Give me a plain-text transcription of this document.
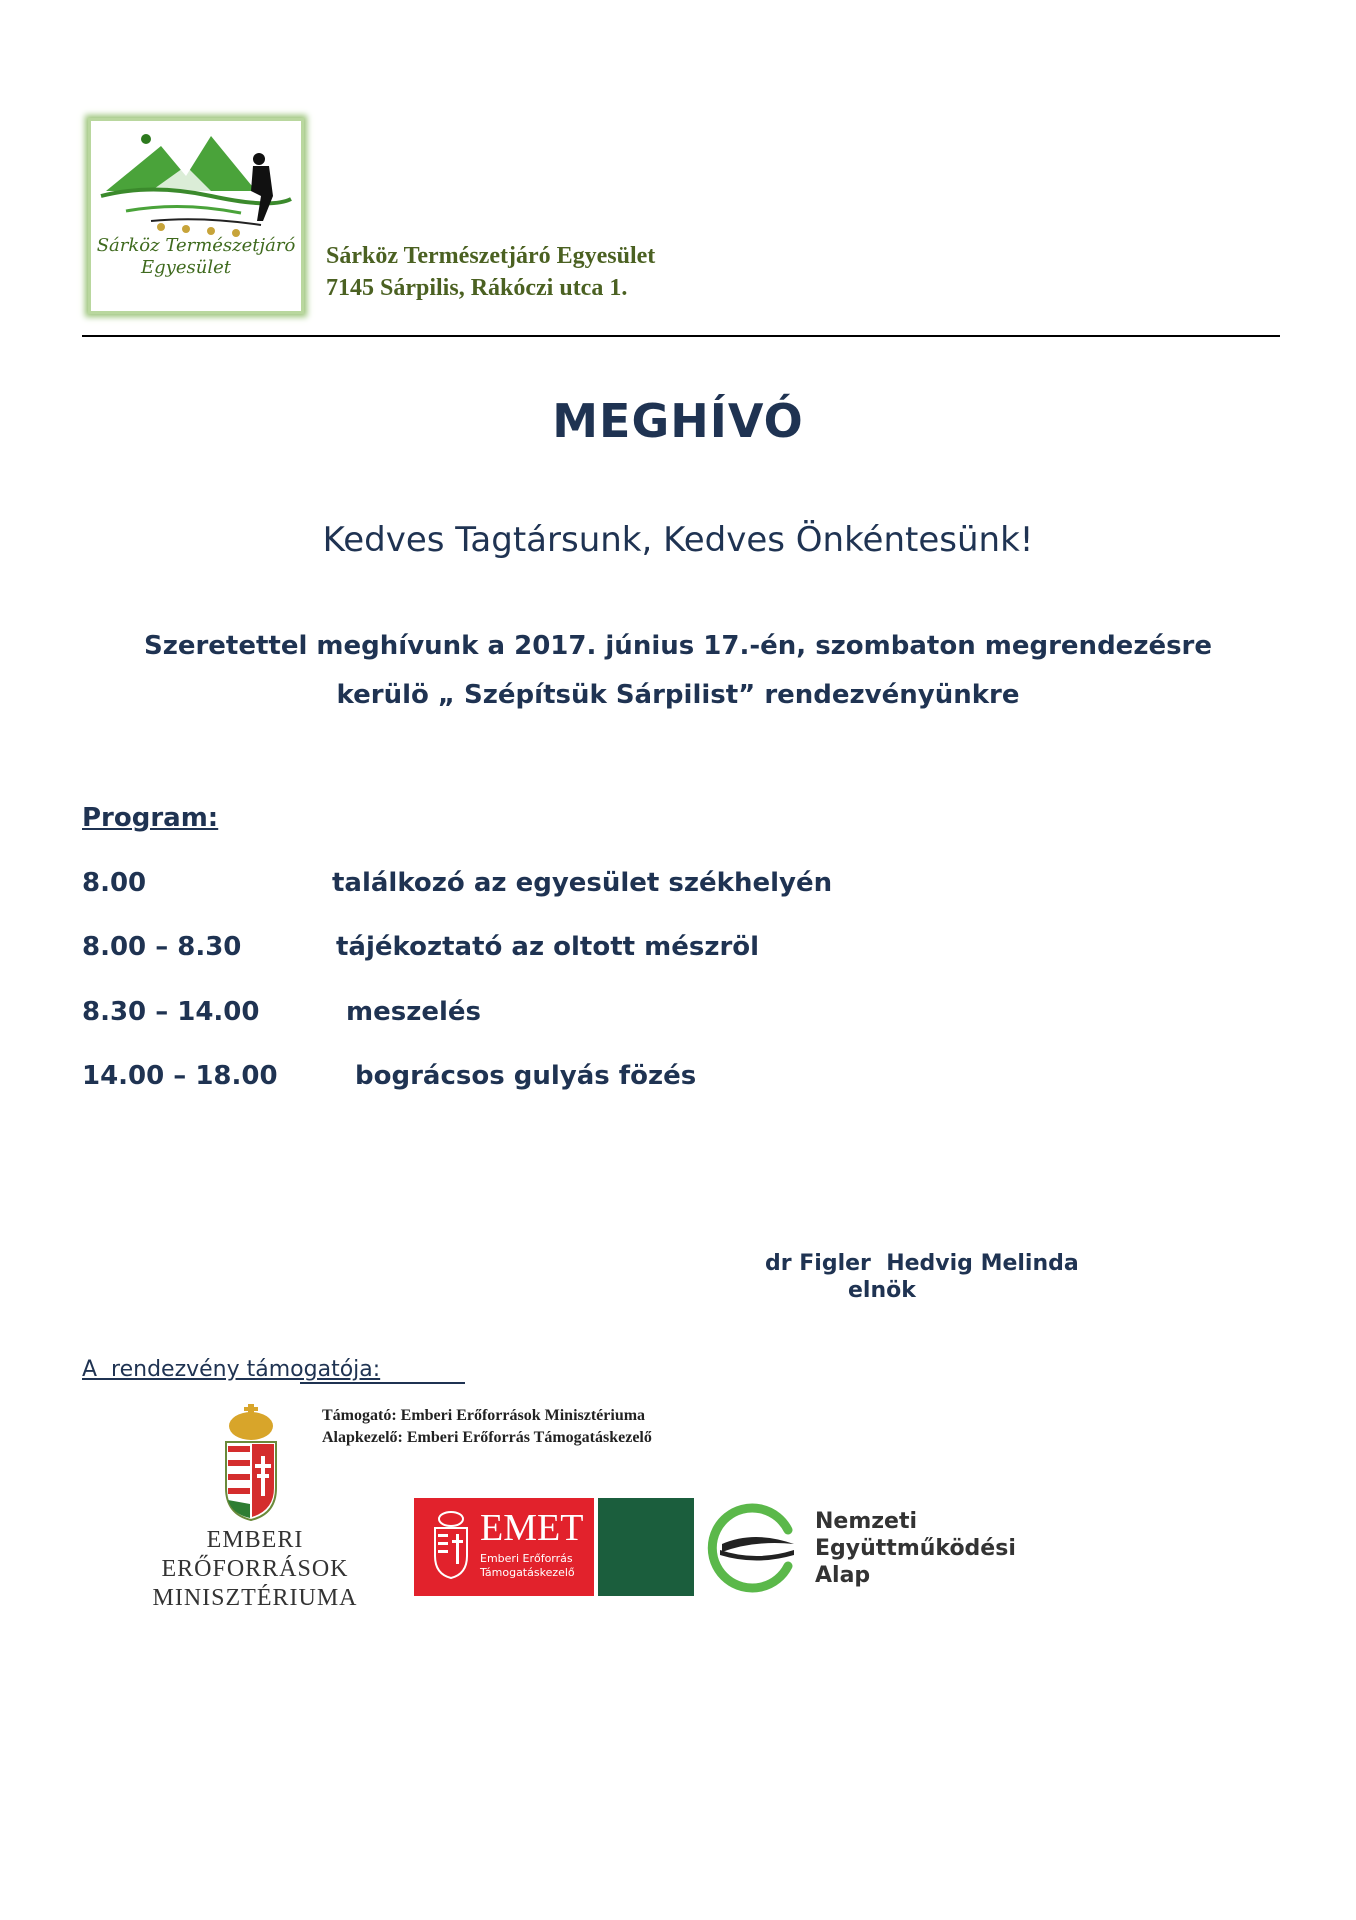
Sárköz Természetjáró
Egyesület	Sárköz Természetjáró Egyesület
7145 Sárpilis, Rákóczi utca 1.
MEGHÍVÓ
Kedves Tagtársunk, Kedves Önkéntesünk!
Szeretettel meghívunk a 2017. június 17.-én, szombaton megrendezésre
kerülö „ Szépítsük Sárpilist” rendezvényünkre
Program:
8.00	találkozó az egyesület székhelyén
8.00 – 8.30	tájékoztató az oltott mészröl
8.30 – 14.00	meszelés
14.00 – 18.00	bográcsos gulyás fözés
dr Figler  Hedvig Melinda
elnök
A  rendezvény támogatója:
Támogató: Emberi Erőforrások Minisztériuma
Alapkezelő: Emberi Erőforrás Támogatáskezelő
EMBERI ERŐFORRÁSOK
MINISZTÉRIUMA
EMET
Emberi Erőforrás
Támogatáskezelő
Nemzeti
Együttműködési
Alap
